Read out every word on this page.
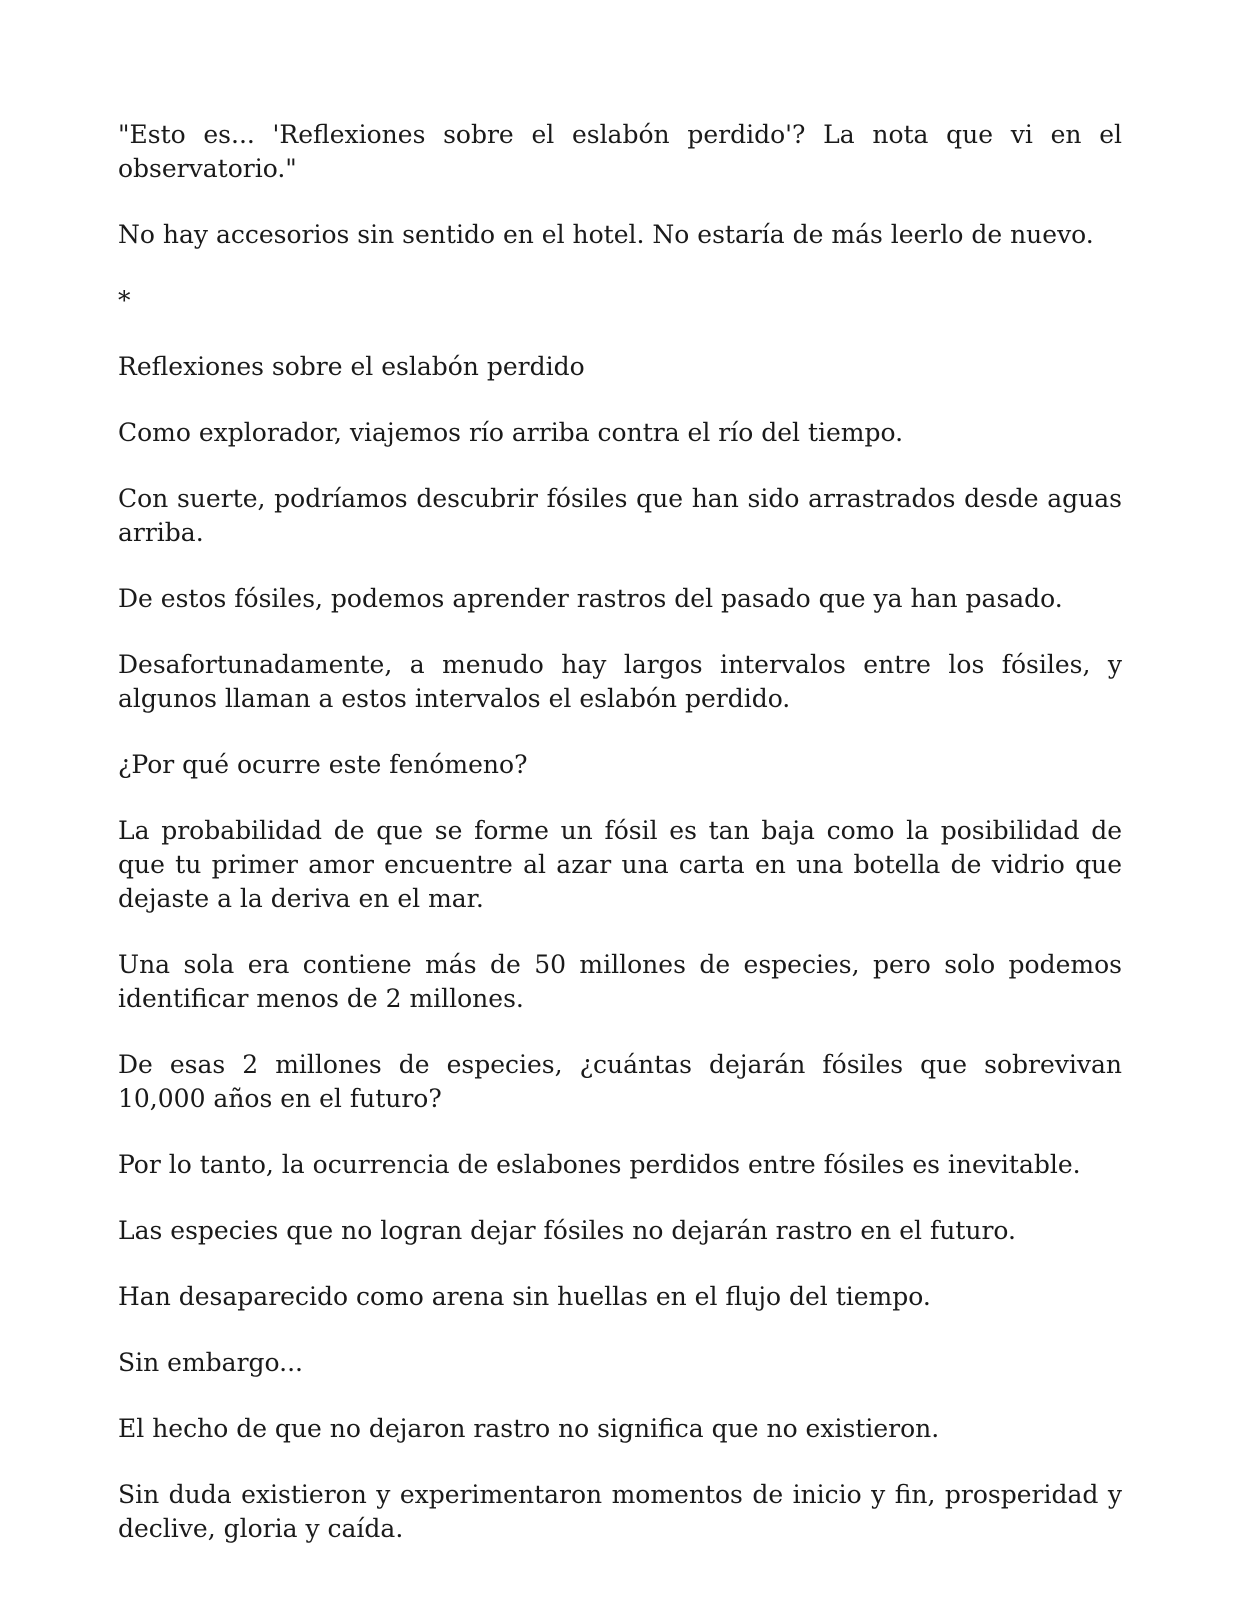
"Esto es... 'Reflexiones sobre el eslabón perdido'? La nota que vi en el observatorio."

No hay accesorios sin sentido en el hotel. No estaría de más leerlo de nuevo.

*

Reflexiones sobre el eslabón perdido

Como explorador, viajemos río arriba contra el río del tiempo.

Con suerte, podríamos descubrir fósiles que han sido arrastrados desde aguas arriba.

De estos fósiles, podemos aprender rastros del pasado que ya han pasado.

Desafortunadamente, a menudo hay largos intervalos entre los fósiles, y algunos llaman a estos intervalos el eslabón perdido.

¿Por qué ocurre este fenómeno?

La probabilidad de que se forme un fósil es tan baja como la posibilidad de que tu primer amor encuentre al azar una carta en una botella de vidrio que dejaste a la deriva en el mar.

Una sola era contiene más de 50 millones de especies, pero solo podemos identificar menos de 2 millones.

De esas 2 millones de especies, ¿cuántas dejarán fósiles que sobrevivan 10,000 años en el futuro?

Por lo tanto, la ocurrencia de eslabones perdidos entre fósiles es inevitable.

Las especies que no logran dejar fósiles no dejarán rastro en el futuro.

Han desaparecido como arena sin huellas en el flujo del tiempo.

Sin embargo...

El hecho de que no dejaron rastro no significa que no existieron.

Sin duda existieron y experimentaron momentos de inicio y fin, prosperidad y declive, gloria y caída.
